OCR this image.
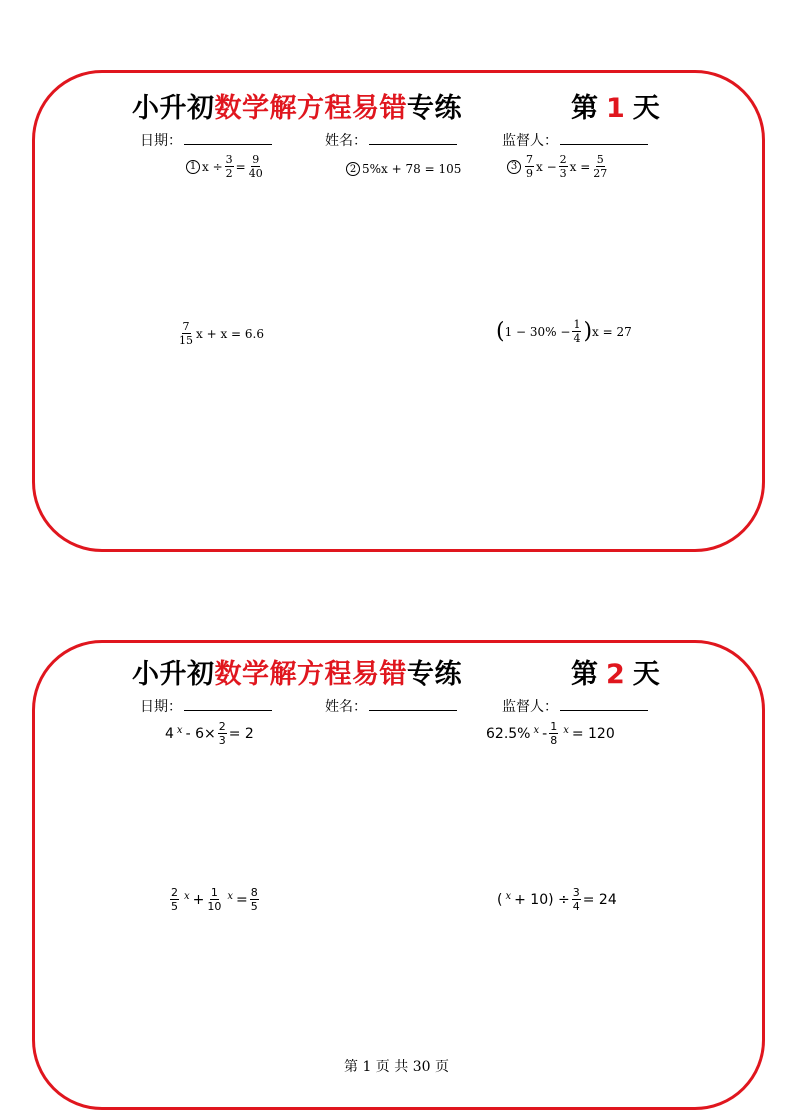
小升初数学解方程易错专练	第 1 天
日期：	姓名：	监督人：
1 $x \div \frac{3}{2} = \frac{9}{40}$	2 5%x + 78 = 105	$3 \frac{7}{9}$ $x - \frac{2}{3}$ $x = \frac{5}{27}$
$\frac{7}{15}$ x + x = 6.6	( $1 - 30\% - \frac{1}{4}$ ) x = 27
小升初数学解方程易错专练	第 2 天
日期：	姓名：	监督人：
4 $x - 6\times \frac{2}{3} = 2$	62.5% x - $\frac{1}{8}$ x = 120
$\frac{2}{5}$ $x + \frac{1}{10}$ $x = \frac{8}{5}$	( $x + 10) \div \frac{3}{4} = 24$
第 1 页 共 30 页
